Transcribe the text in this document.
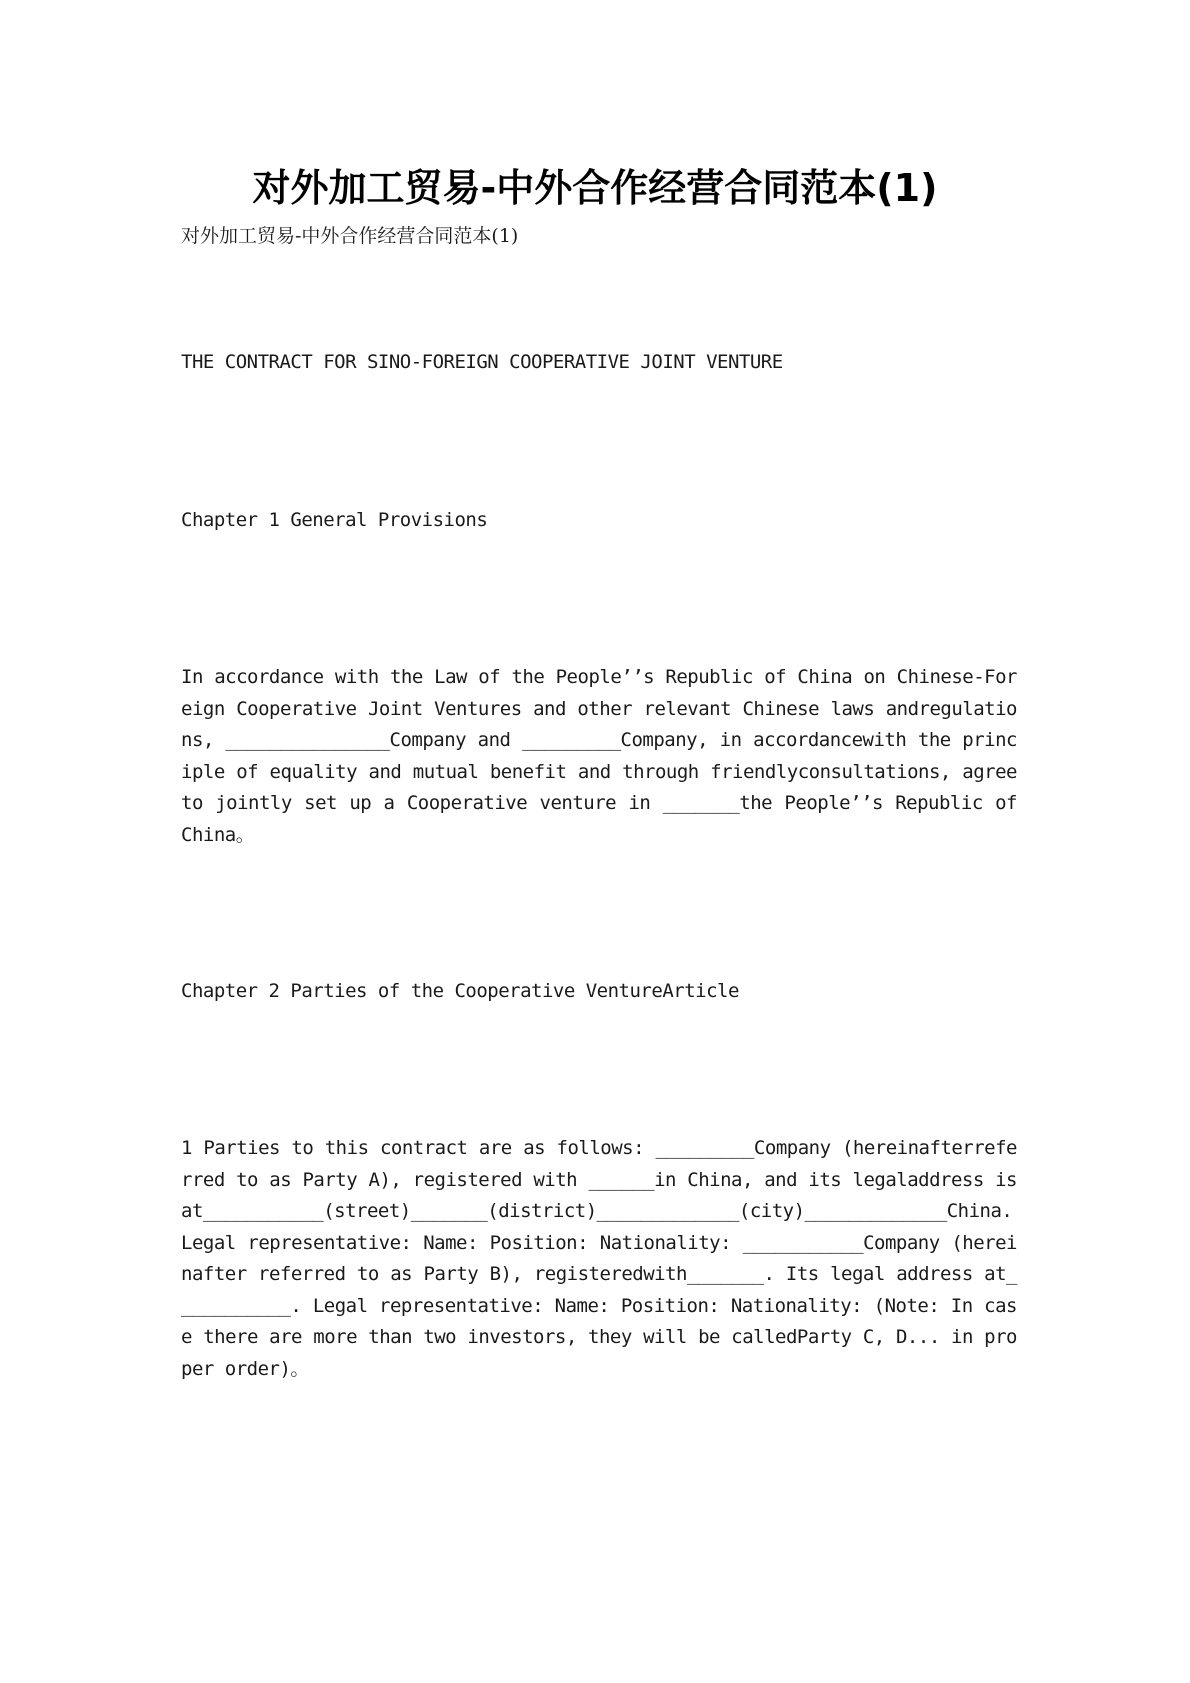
对外加工贸易-中外合作经营合同范本(1)

对外加工贸易-中外合作经营合同范本(1)

THE CONTRACT FOR SINO-FOREIGN COOPERATIVE JOINT VENTURE

Chapter 1 General Provisions

In accordance with the Law of the People’’s Republic of China on Chinese-Foreign Cooperative Joint Ventures and other relevant Chinese laws andregulations, _______________Company and _________Company, in accordancewith the principle of equality and mutual benefit and through friendlyconsultations, agree to jointly set up a Cooperative venture in _______the People’’s Republic of China。

Chapter 2 Parties of the Cooperative VentureArticle

1 Parties to this contract are as follows: _________Company (hereinafterreferred to as Party A), registered with ______in China, and its legaladdress is at___________(street)_______(district)_____________(city)_____________China. Legal representative: Name: Position: Nationality: ___________Company (hereinafter referred to as Party B), registeredwith_______. Its legal address at___________. Legal representative: Name: Position: Nationality: (Note: In case there are more than two investors, they will be calledParty C, D... in proper order)。
